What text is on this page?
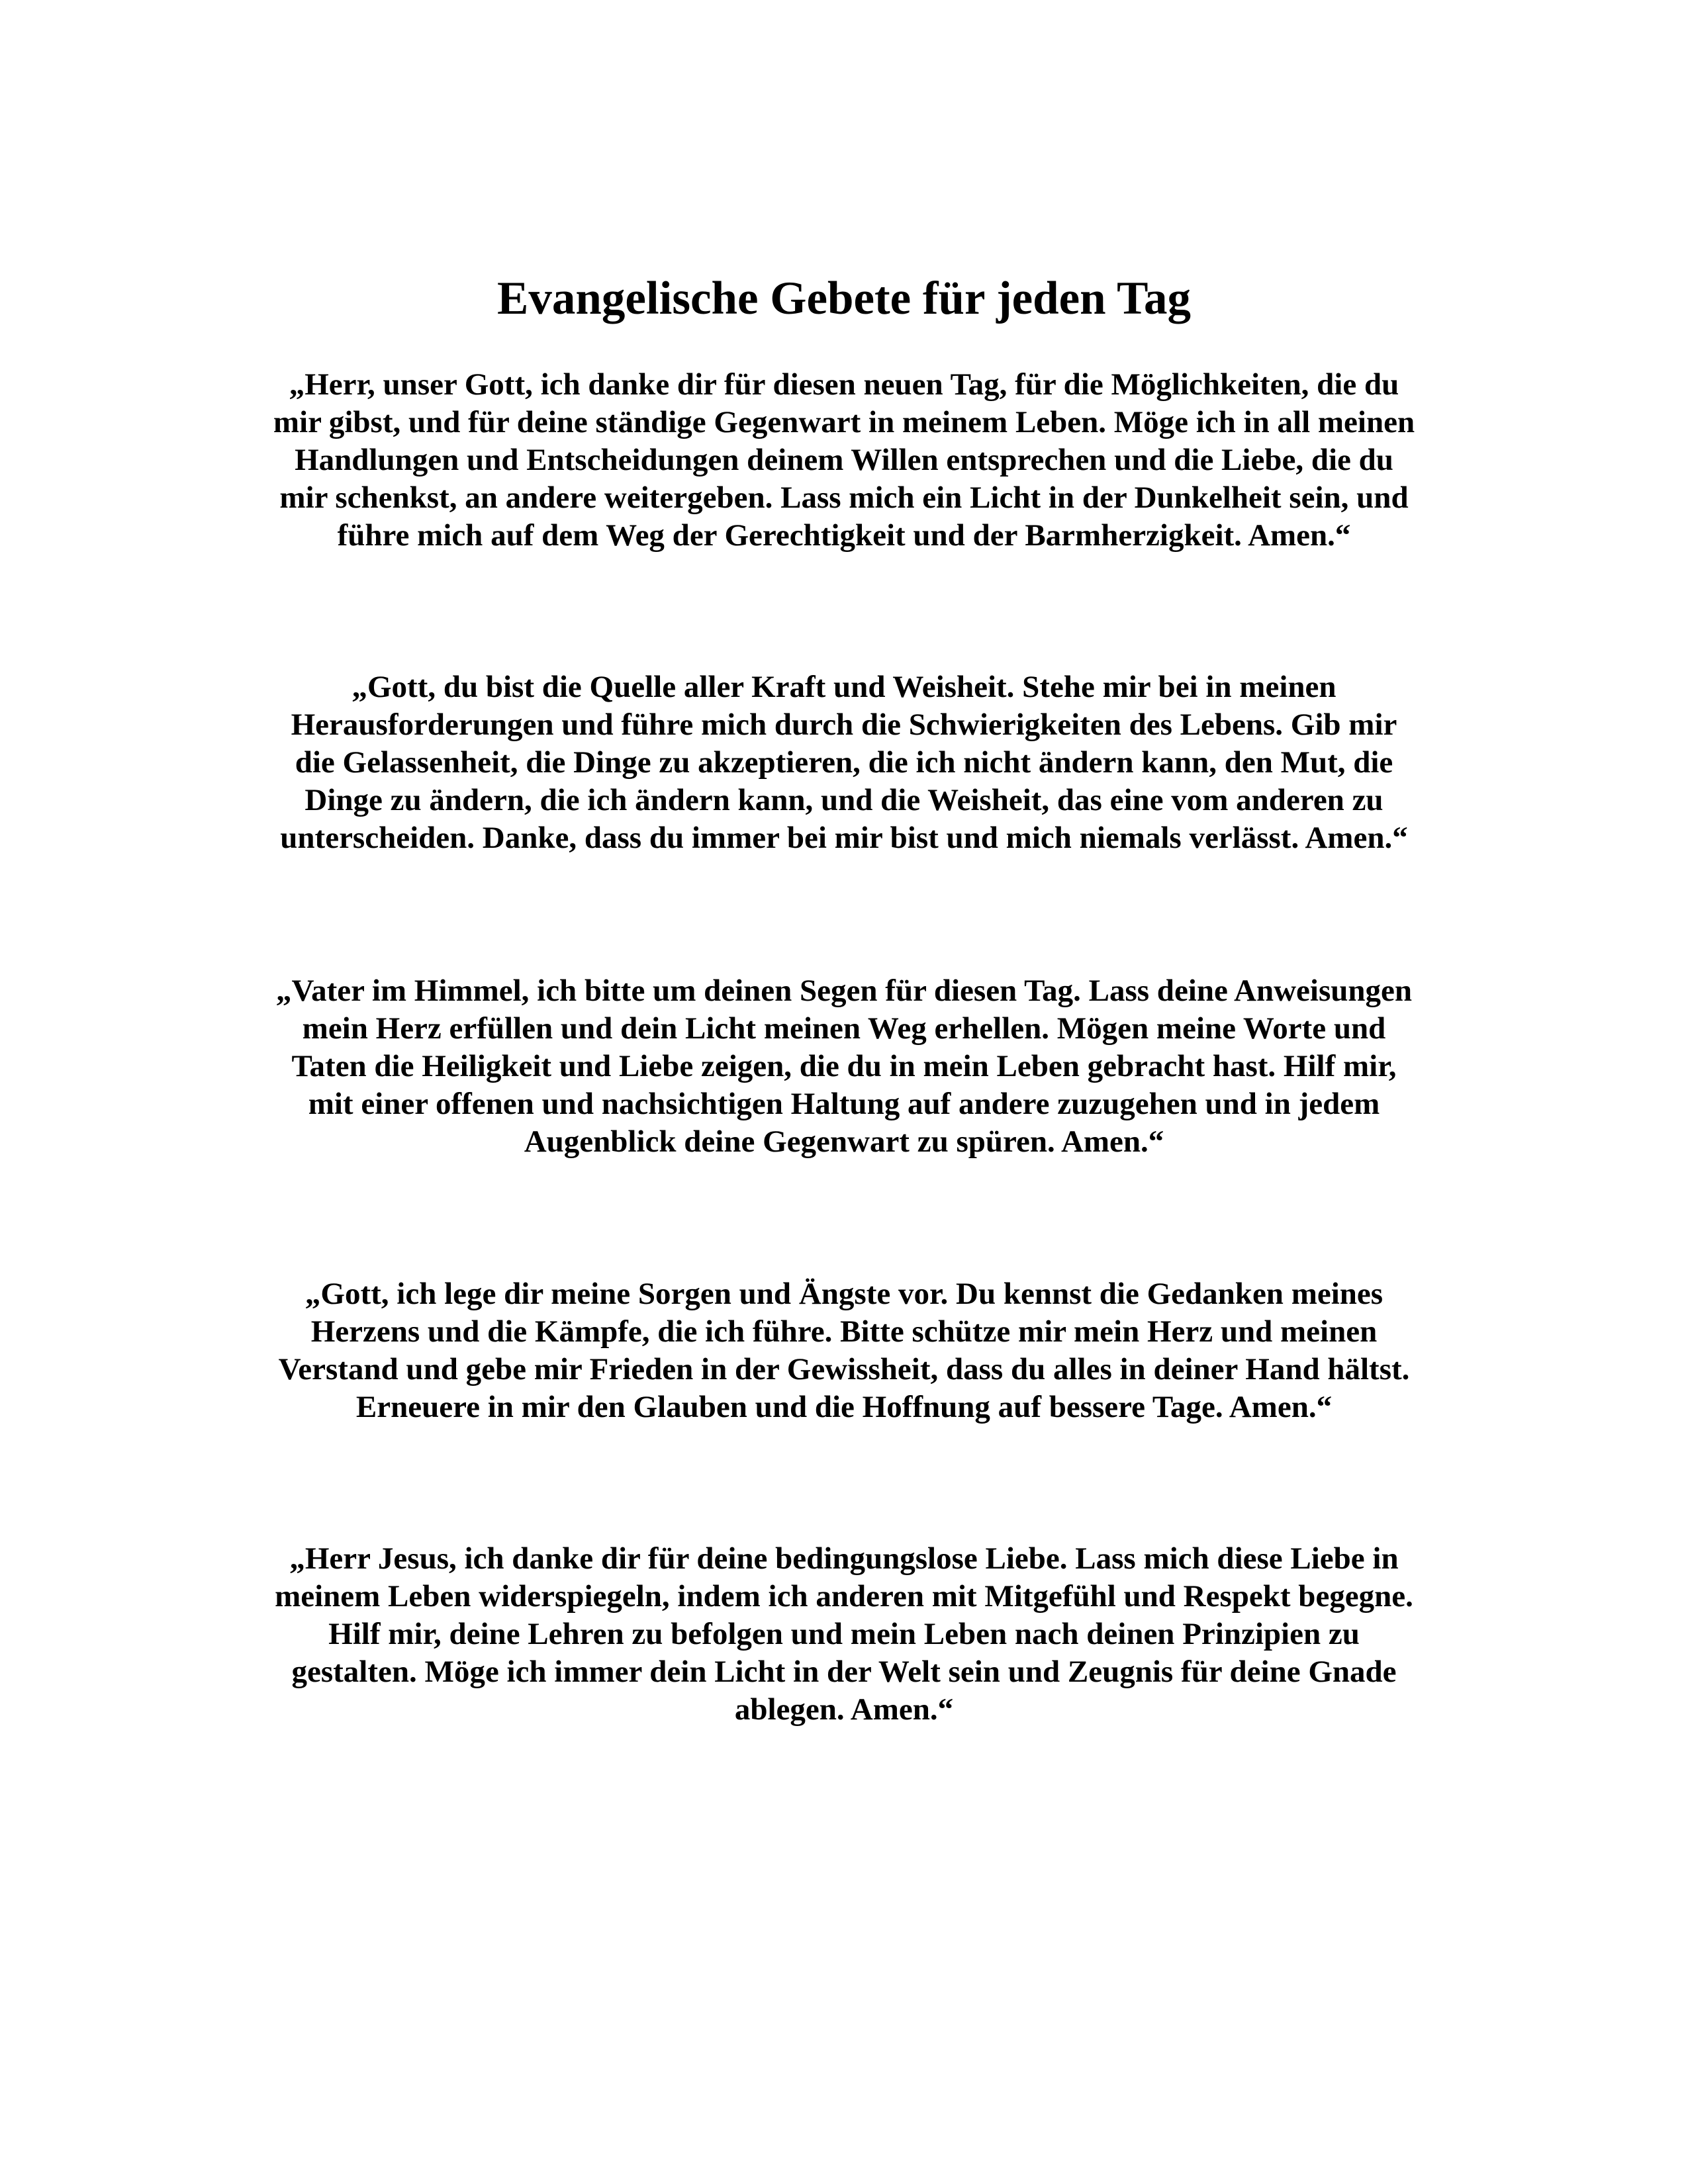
Evangelische Gebete für jeden Tag
„Herr, unser Gott, ich danke dir für diesen neuen Tag, für die Möglichkeiten, die du
mir gibst, und für deine ständige Gegenwart in meinem Leben. Möge ich in all meinen
Handlungen und Entscheidungen deinem Willen entsprechen und die Liebe, die du
mir schenkst, an andere weitergeben. Lass mich ein Licht in der Dunkelheit sein, und
führe mich auf dem Weg der Gerechtigkeit und der Barmherzigkeit. Amen.“
„Gott, du bist die Quelle aller Kraft und Weisheit. Stehe mir bei in meinen
Herausforderungen und führe mich durch die Schwierigkeiten des Lebens. Gib mir
die Gelassenheit, die Dinge zu akzeptieren, die ich nicht ändern kann, den Mut, die
Dinge zu ändern, die ich ändern kann, und die Weisheit, das eine vom anderen zu
unterscheiden. Danke, dass du immer bei mir bist und mich niemals verlässt. Amen.“
„Vater im Himmel, ich bitte um deinen Segen für diesen Tag. Lass deine Anweisungen
mein Herz erfüllen und dein Licht meinen Weg erhellen. Mögen meine Worte und
Taten die Heiligkeit und Liebe zeigen, die du in mein Leben gebracht hast. Hilf mir,
mit einer offenen und nachsichtigen Haltung auf andere zuzugehen und in jedem
Augenblick deine Gegenwart zu spüren. Amen.“
„Gott, ich lege dir meine Sorgen und Ängste vor. Du kennst die Gedanken meines
Herzens und die Kämpfe, die ich führe. Bitte schütze mir mein Herz und meinen
Verstand und gebe mir Frieden in der Gewissheit, dass du alles in deiner Hand hältst.
Erneuere in mir den Glauben und die Hoffnung auf bessere Tage. Amen.“
„Herr Jesus, ich danke dir für deine bedingungslose Liebe. Lass mich diese Liebe in
meinem Leben widerspiegeln, indem ich anderen mit Mitgefühl und Respekt begegne.
Hilf mir, deine Lehren zu befolgen und mein Leben nach deinen Prinzipien zu
gestalten. Möge ich immer dein Licht in der Welt sein und Zeugnis für deine Gnade
ablegen. Amen.“
